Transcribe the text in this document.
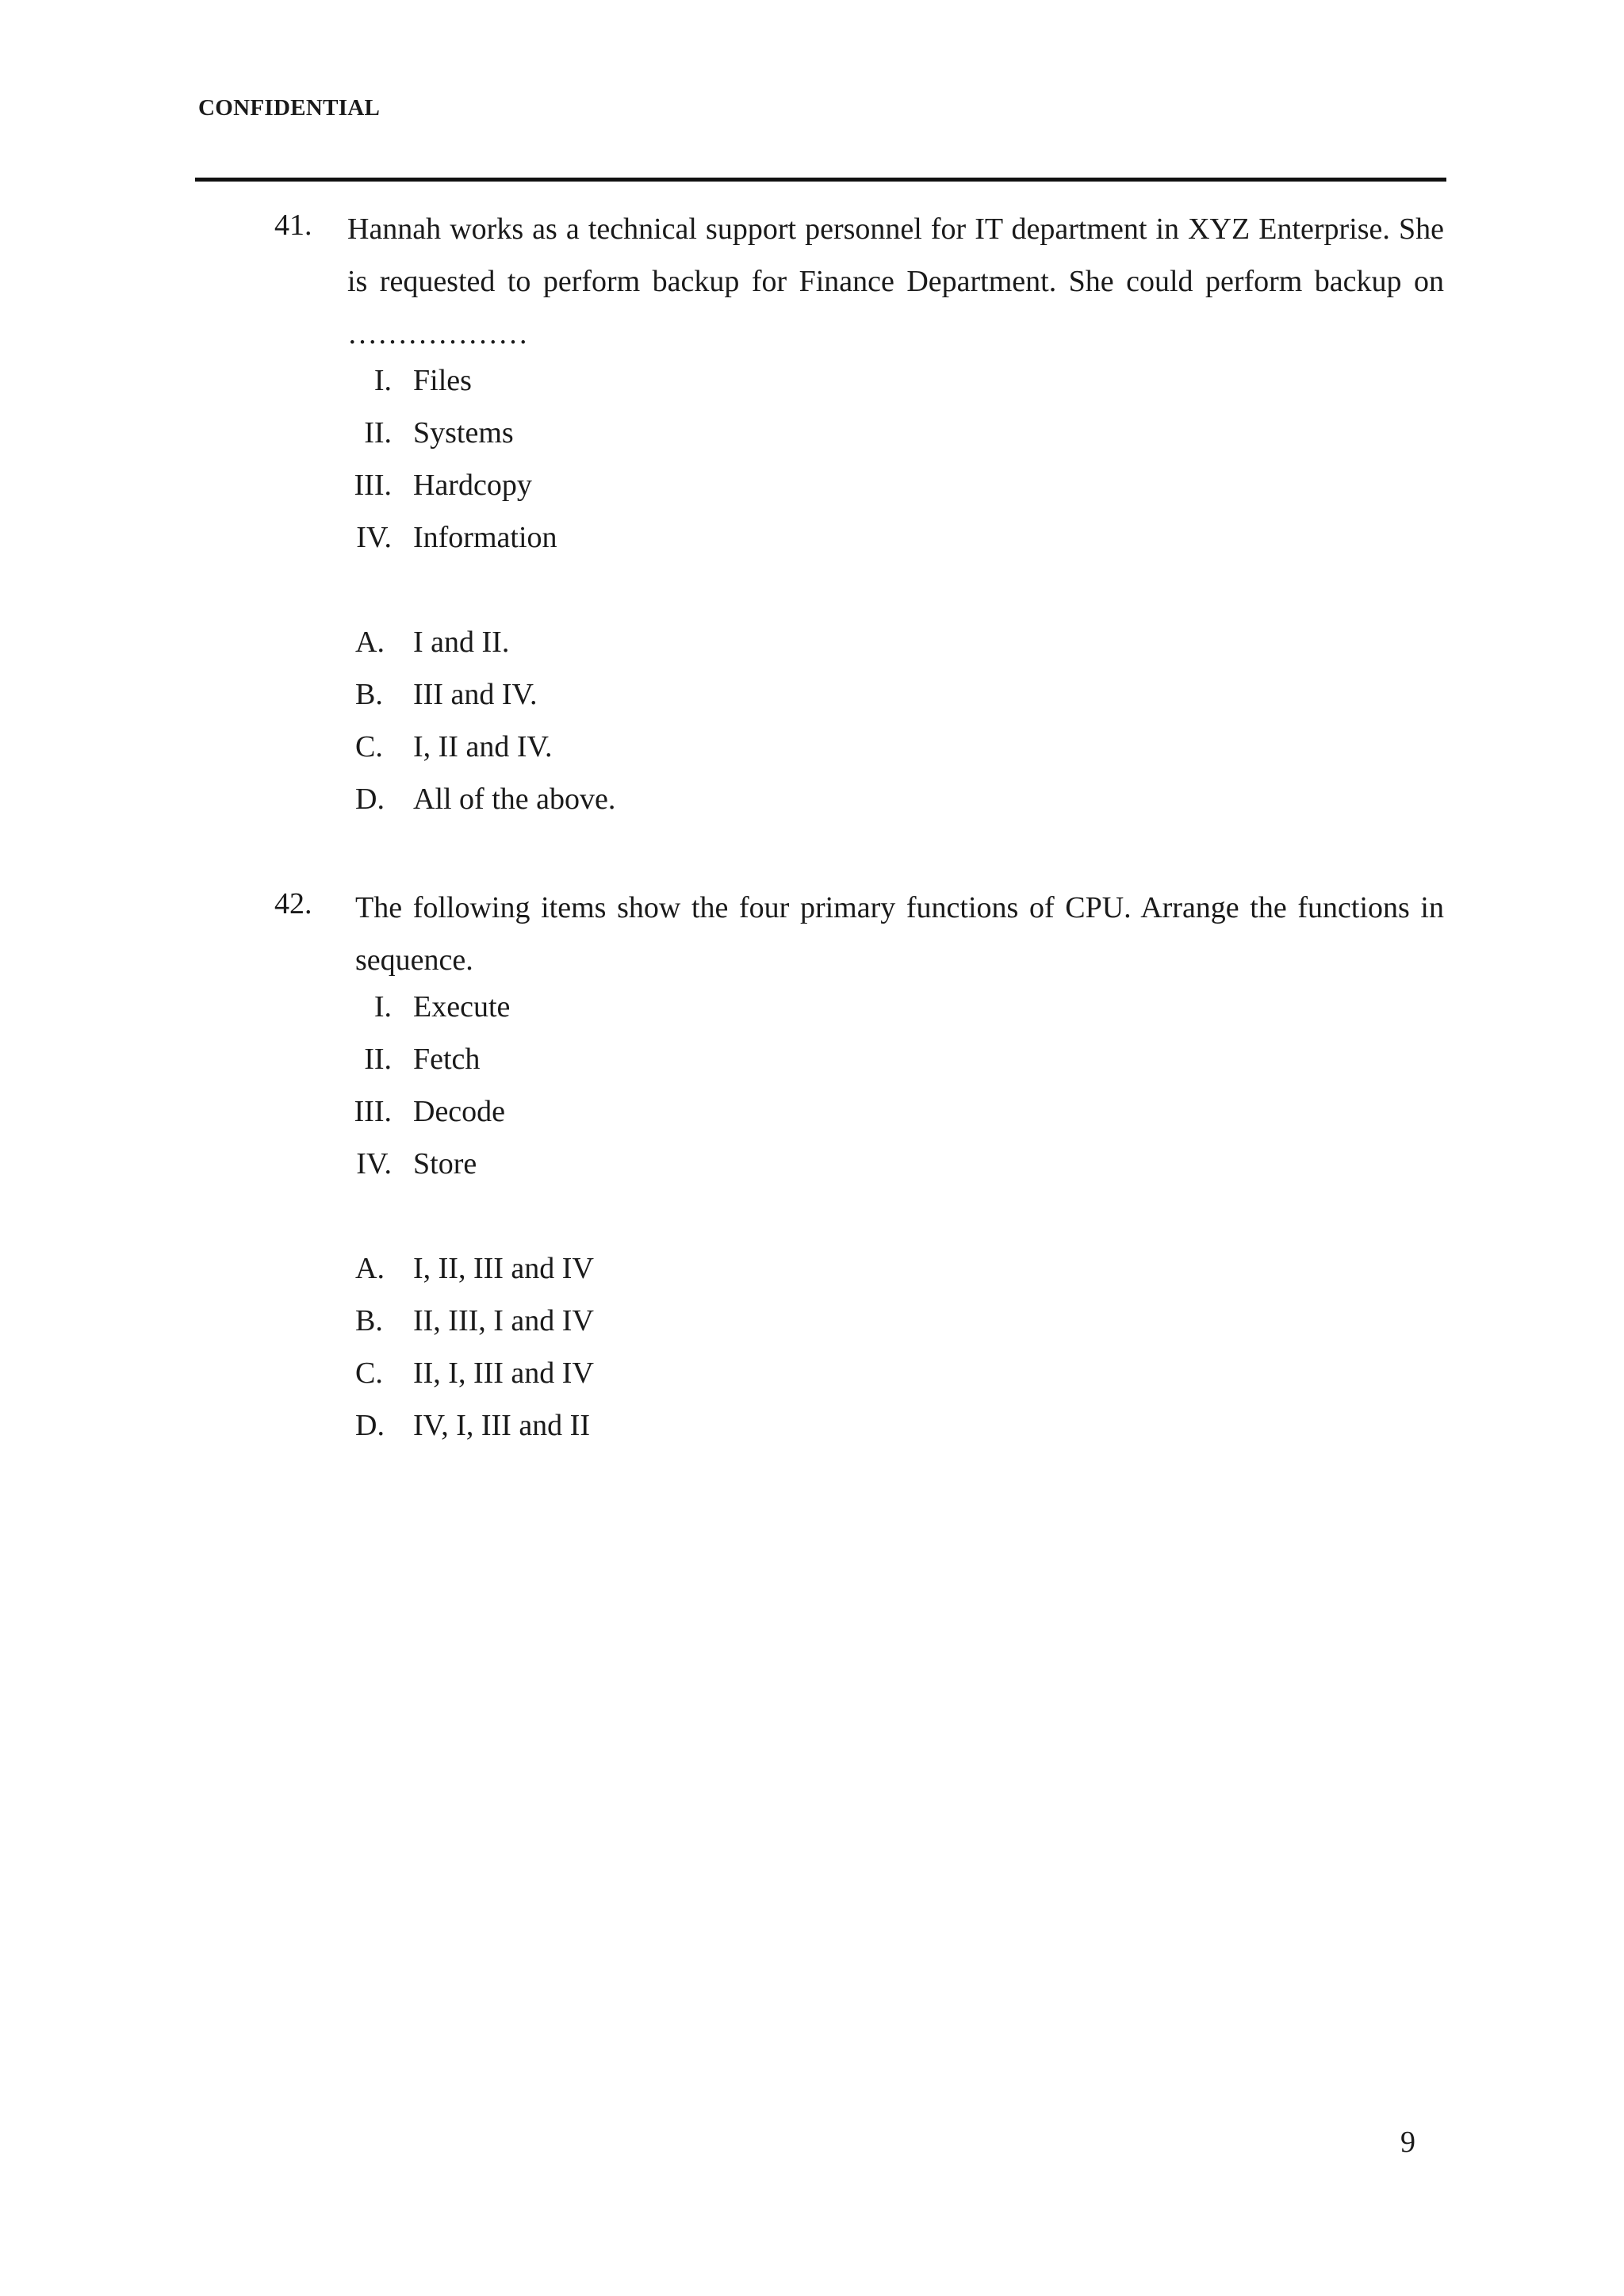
CONFIDENTIAL
41. Hannah works as a technical support personnel for IT department in XYZ Enterprise. She is requested to perform backup for Finance Department. She could perform backup on ………………
I. Files
II. Systems
III. Hardcopy
IV. Information
A. I and II.
B. III and IV.
C. I, II and IV.
D. All of the above.
42. The following items show the four primary functions of CPU. Arrange the functions in sequence.
I. Execute
II. Fetch
III. Decode
IV. Store
A. I, II, III and IV
B. II, III, I and IV
C. II, I, III and IV
D. IV, I, III and II
9
